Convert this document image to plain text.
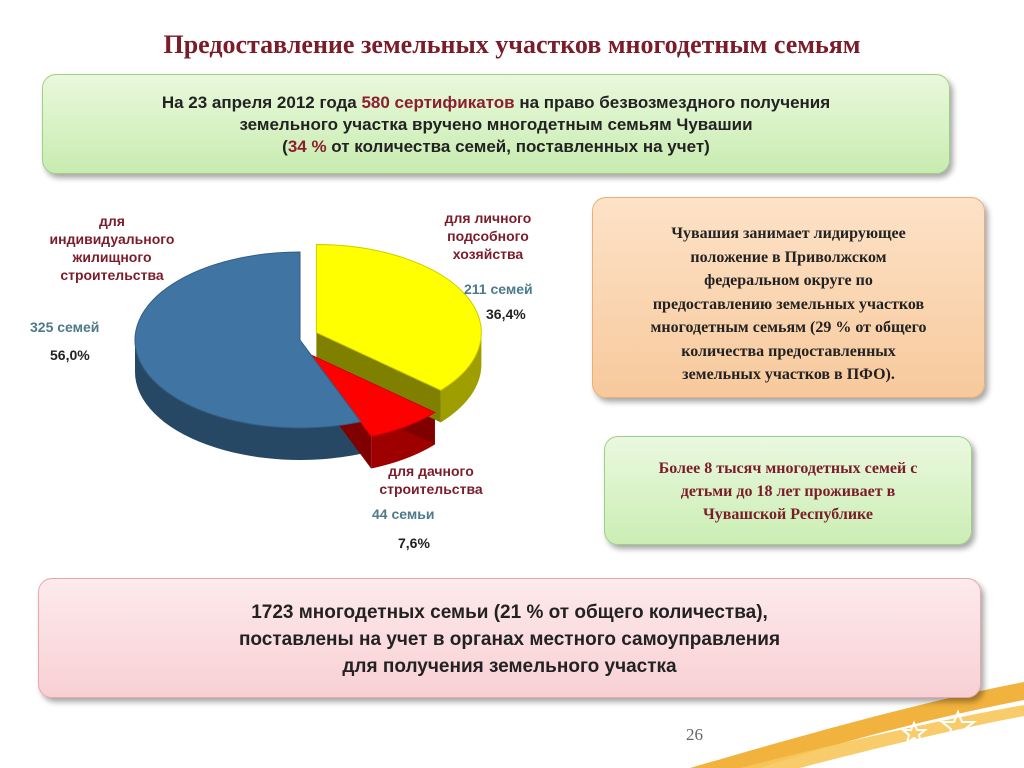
Предоставление земельных участков многодетным семьям
На 23 апреля 2012 года 580 сертификатов на право безвозмездного получения
земельного участка вручено многодетным семьям Чувашии
(34 % от количества семей, поставленных на учет)
для
индивидуального
жилищного
строительства
325 семей
56,0%
для личного
подсобного
хозяйства
211 семей
36,4%
для дачного
строительства
44 семьи
7,6%
Чувашия занимает лидирующее
положение в Приволжском
федеральном округе по
предоставлению земельных участков
многодетным семьям (29 % от общего
количества предоставленных
земельных участков в ПФО).
Более 8 тысяч многодетных семей с
детьми до 18 лет проживает в
Чувашской Республике
1723 многодетных семьи (21 % от общего количества),
поставлены на учет в органах местного самоуправления
для получения земельного участка
26
